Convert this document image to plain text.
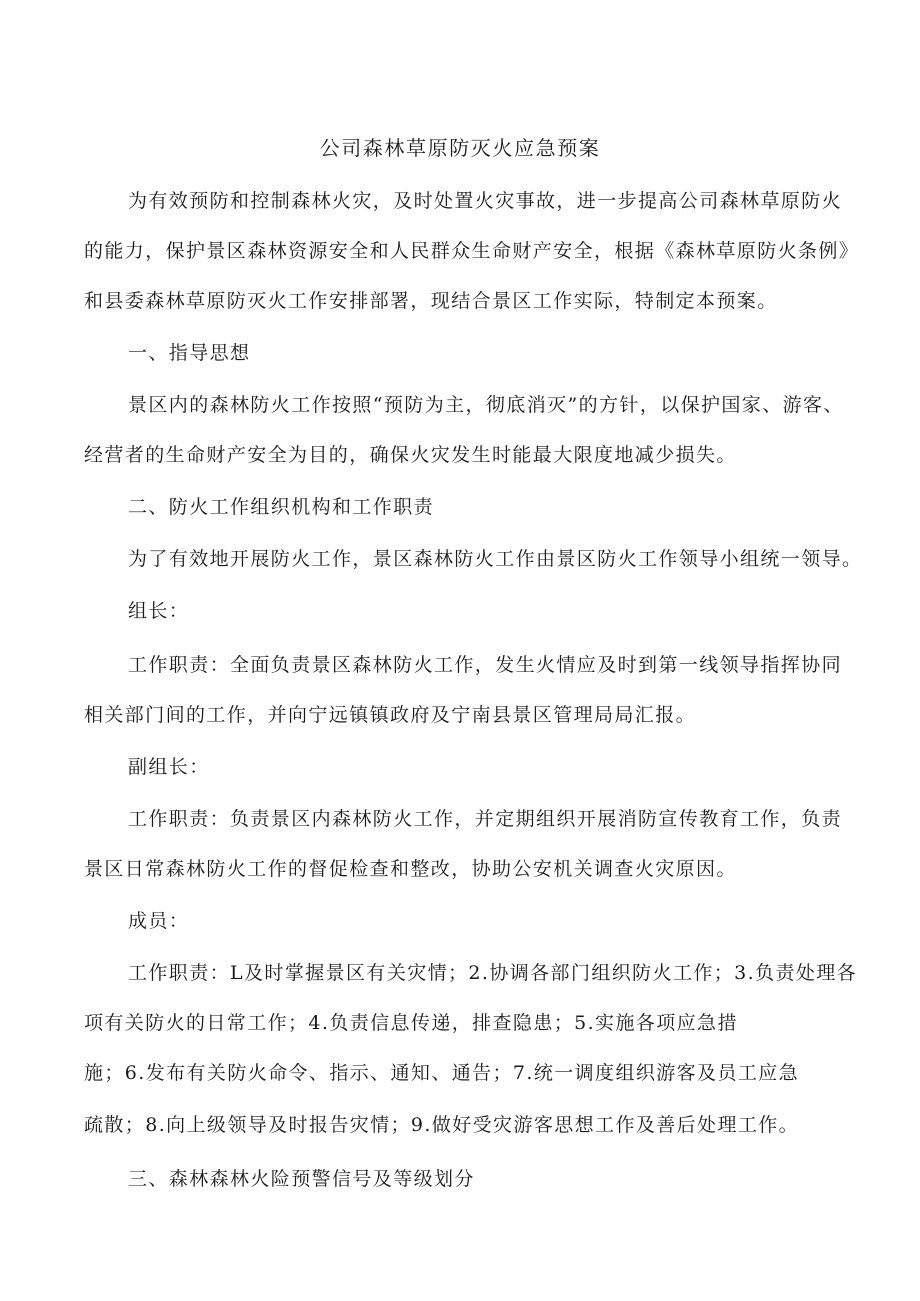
公司森林草原防灭火应急预案
为有效预防和控制森林火灾，及时处置火灾事故，进一步提高公司森林草原防火
的能力，保护景区森林资源安全和人民群众生命财产安全，根据《森林草原防火条例》
和县委森林草原防灭火工作安排部署，现结合景区工作实际，特制定本预案。
一、指导思想
景区内的森林防火工作按照“预防为主，彻底消灭”的方针，以保护国家、游客、
经营者的生命财产安全为目的，确保火灾发生时能最大限度地减少损失。
二、防火工作组织机构和工作职责
为了有效地开展防火工作，景区森林防火工作由景区防火工作领导小组统一领导。
组长：
工作职责：全面负责景区森林防火工作，发生火情应及时到第一线领导指挥协同
相关部门间的工作，并向宁远镇镇政府及宁南县景区管理局局汇报。
副组长：
工作职责：负责景区内森林防火工作，并定期组织开展消防宣传教育工作，负责
景区日常森林防火工作的督促检查和整改，协助公安机关调查火灾原因。
成员：
工作职责：L及时掌握景区有关灾情；2.协调各部门组织防火工作；3.负责处理各
项有关防火的日常工作；4.负责信息传递，排查隐患；5.实施各项应急措
施；6.发布有关防火命令、指示、通知、通告；7.统一调度组织游客及员工应急
疏散；8.向上级领导及时报告灾情；9.做好受灾游客思想工作及善后处理工作。
三、森林森林火险预警信号及等级划分
